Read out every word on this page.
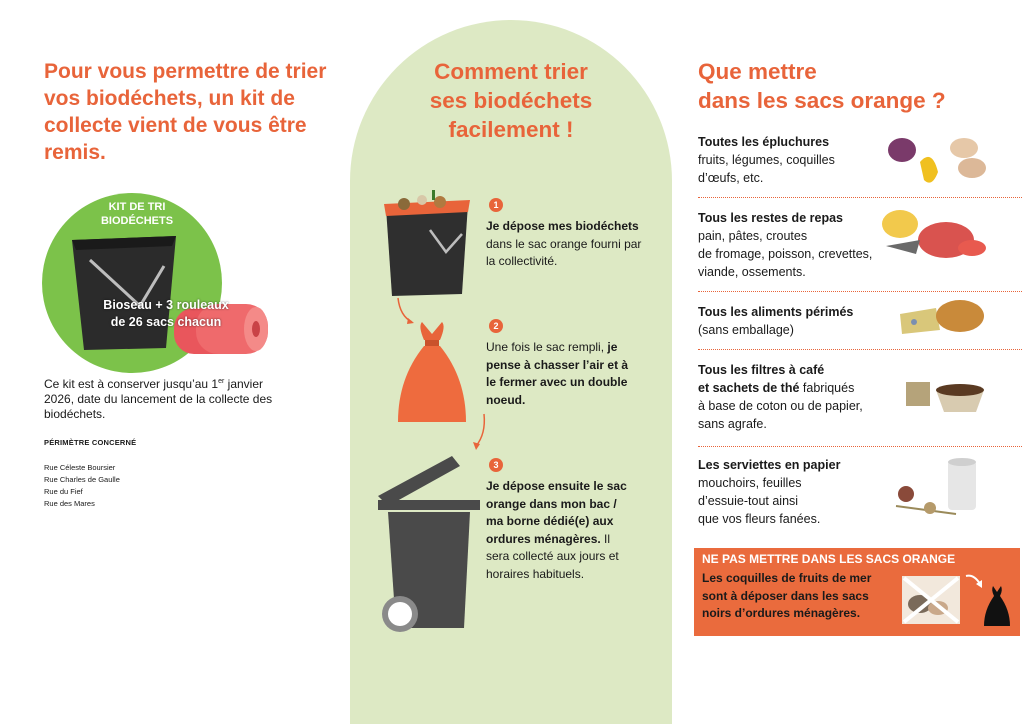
Pour vous permettre de trier vos biodéchets, un kit de collecte vient de vous être remis.
KIT DE TRI
BIODÉCHETS
Bioseau + 3 rouleaux
de 26 sacs chacun
Ce kit est à conserver jusqu’au 1er janvier 2026, date du lancement de la collecte des biodéchets.
PÉRIMÈTRE CONCERNÉ
Rue Céleste Boursier
Rue Charles de Gaulle
Rue du Fief
Rue des Mares
Comment trier
ses biodéchets
facilement !
1
Je dépose mes biodéchets dans le sac orange fourni par la collectivité.
2
Une fois le sac rempli, je pense à chasser l’air et à le fermer avec un double noeud.
3
Je dépose ensuite le sac orange dans mon bac / ma borne dédié(e) aux ordures ménagères. Il sera collecté aux jours et horaires habituels.
Que mettre
dans les sacs orange ?
Toutes les épluchures
fruits, légumes, coquilles
d’œufs, etc.
Tous les restes de repas
pain, pâtes, croutes
de fromage, poisson, crevettes,
viande, ossements.
Tous les aliments périmés
(sans emballage)
Tous les filtres à café
et sachets de thé fabriqués
à base de coton ou de papier,
sans agrafe.
Les serviettes en papier
mouchoirs, feuilles
d’essuie-tout ainsi
que vos fleurs fanées.
NE PAS METTRE DANS LES SACS ORANGE
Les coquilles de fruits de mer sont à déposer dans les sacs noirs d’ordures ménagères.
